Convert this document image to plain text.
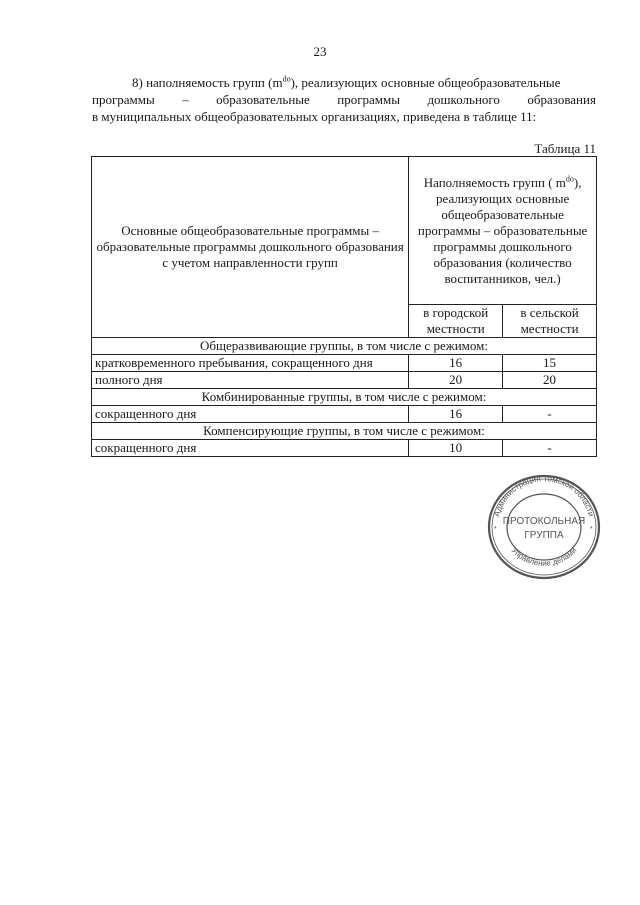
23
8) наполняемость групп $(m^{do})$, реализующих основные общеобразовательные
программы – образовательные программы дошкольного образования
в муниципальных общеобразовательных организациях, приведена в таблице 11:
Таблица 11
Основные общеобразовательные программы – образовательные программы дошкольного образования с учетом направленности групп	Наполняемость групп ( $m^{do}$), реализующих основные общеобразовательные программы – образовательные программы дошкольного образования (количество воспитанников, чел.)	
	в городской местности	в сельской местности
Общеразвивающие группы, в том числе с режимом:		
кратковременного пребывания, сокращенного дня	16	15
полного дня	20	20
Комбинированные группы, в том числе с режимом:		
сокращенного дня	16	-
Компенсирующие группы, в том числе с режимом:		
сокращенного дня	10	-
Администрация Томской области
Управление делами
*	*
ПРОТОКОЛЬНАЯ
ГРУППА
